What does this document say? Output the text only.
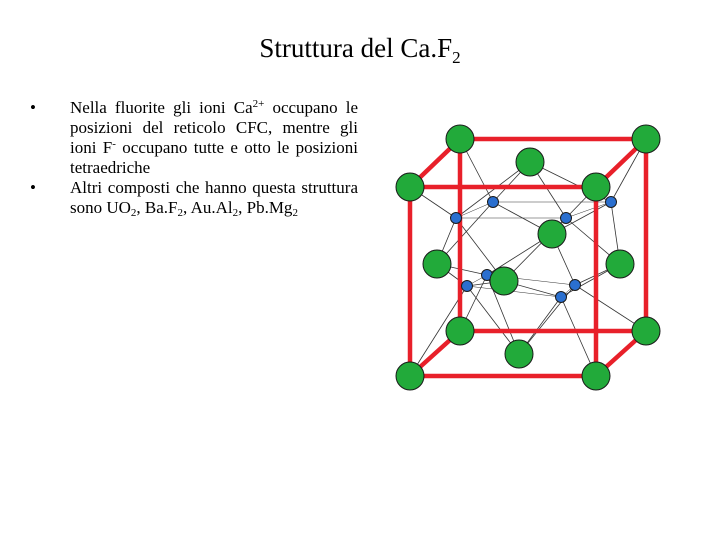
Struttura del $Ca.F_2$
• Nella fluorite gli ioni $Ca^{2+}$ occupano le posizioni del reticolo CFC, mentre gli ioni F- occupano tutte e otto le posizioni tetraedriche
• Altri composti che hanno questa struttura sono $UO_2$, $Ba.F_2$, $Au.Al_2$, $Pb.Mg_2$
